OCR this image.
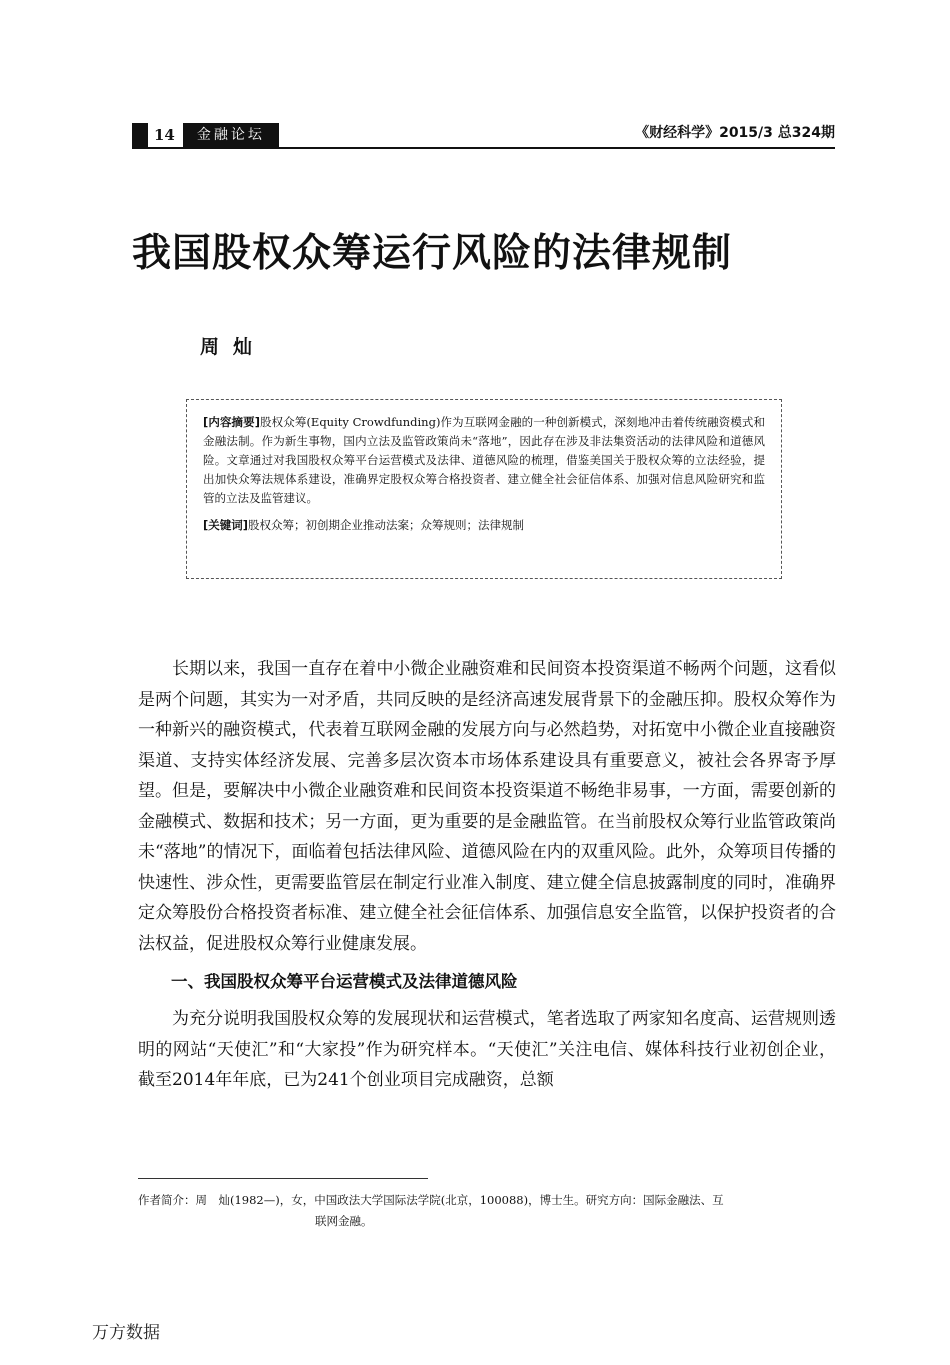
14	金融论坛	《财经科学》2015/3 总324期
我国股权众筹运行风险的法律规制
周灿

[内容摘要]股权众筹(Equity Crowdfunding)作为互联网金融的一种创新模式，深刻地冲击着传统融资模式和金融法制。作为新生事物，国内立法及监管政策尚未“落地”，因此存在涉及非法集资活动的法律风险和道德风险。文章通过对我国股权众筹平台运营模式及法律、道德风险的梳理，借鉴美国关于股权众筹的立法经验，提出加快众筹法规体系建设，准确界定股权众筹合格投资者、建立健全社会征信体系、加强对信息风险研究和监管的立法及监管建议。

[关键词]股权众筹；初创期企业推动法案；众筹规则；法律规制

长期以来，我国一直存在着中小微企业融资难和民间资本投资渠道不畅两个问题，这看似是两个问题，其实为一对矛盾，共同反映的是经济高速发展背景下的金融压抑。股权众筹作为一种新兴的融资模式，代表着互联网金融的发展方向与必然趋势，对拓宽中小微企业直接融资渠道、支持实体经济发展、完善多层次资本市场体系建设具有重要意义，被社会各界寄予厚望。但是，要解决中小微企业融资难和民间资本投资渠道不畅绝非易事，一方面，需要创新的金融模式、数据和技术；另一方面，更为重要的是金融监管。在当前股权众筹行业监管政策尚未“落地”的情况下，面临着包括法律风险、道德风险在内的双重风险。此外，众筹项目传播的快速性、涉众性，更需要监管层在制定行业准入制度、建立健全信息披露制度的同时，准确界定众筹股份合格投资者标准、建立健全社会征信体系、加强信息安全监管，以保护投资者的合法权益，促进股权众筹行业健康发展。

一、我国股权众筹平台运营模式及法律道德风险

为充分说明我国股权众筹的发展现状和运营模式，笔者选取了两家知名度高、运营规则透明的网站“天使汇”和“大家投”作为研究样本。“天使汇”关注电信、媒体科技行业初创企业，截至2014年年底，已为241个创业项目完成融资，总额

作者简介：周　灿(1982—)，女，中国政法大学国际法学院(北京，100088)，博士生。研究方向：国际金融法、互
联网金融。
万方数据
